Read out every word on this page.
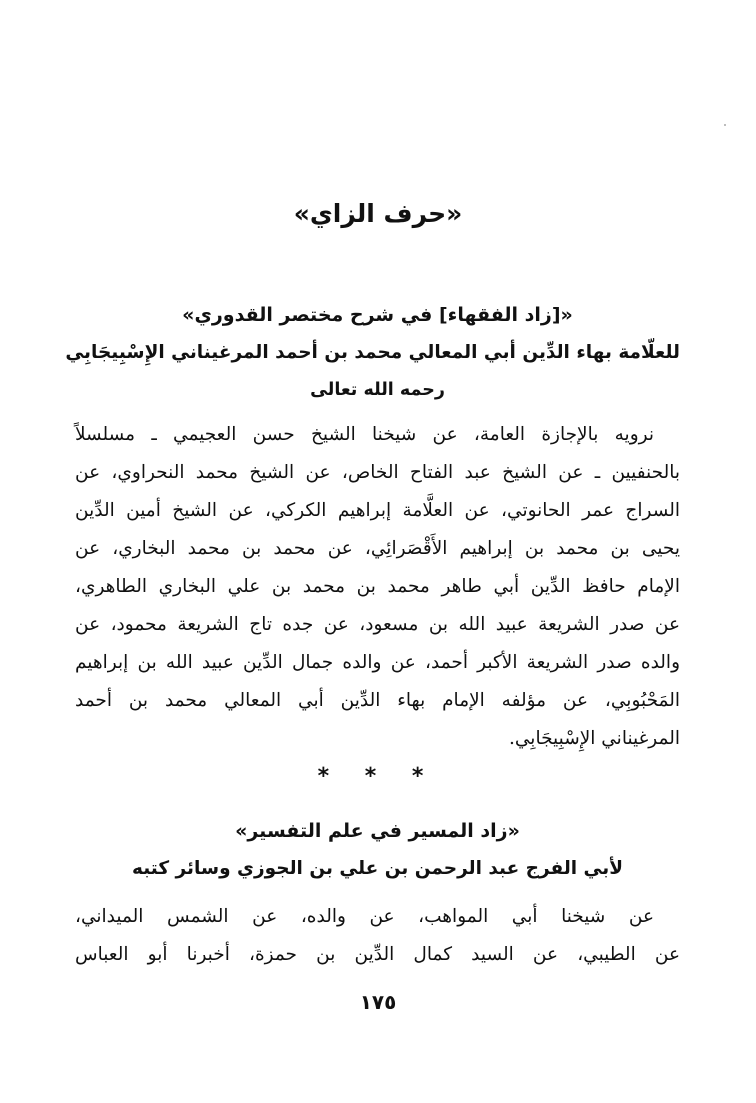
«حرف الزاي»
«[زاد الفقهاء] في شرح مختصر القدوري»
للعلّامة بهاء الدِّين أبي المعالي محمد بن أحمد المرغيناني الإِسْبِيجَابِي
رحمه الله تعالى
نرويه بالإجازة العامة، عن شيخنا الشيخ حسن العجيمي ـ مسلسلاً
بالحنفيين ـ عن الشيخ عبد الفتاح الخاص، عن الشيخ محمد النحراوي، عن
السراج عمر الحانوتي، عن العلَّامة إبراهيم الكركي، عن الشيخ أمين الدِّين
يحيى بن محمد بن إبراهيم الأَقْصَرائِي، عن محمد بن محمد البخاري، عن
الإمام حافظ الدِّين أبي طاهر محمد بن محمد بن علي البخاري الطاهري،
عن صدر الشريعة عبيد الله بن مسعود، عن جده تاج الشريعة محمود، عن
والده صدر الشريعة الأكبر أحمد، عن والده جمال الدِّين عبيد الله بن إبراهيم
المَحْبُوبِي، عن مؤلفه الإمام بهاء الدِّين أبي المعالي محمد بن أحمد
المرغيناني الإِسْبِيجَابِي.
* * *
«زاد المسير في علم التفسير»
لأبي الفرج عبد الرحمن بن علي بن الجوزي وسائر كتبه
عن شيخنا أبي المواهب، عن والده، عن الشمس الميداني،
عن الطيبي، عن السيد كمال الدِّين بن حمزة، أخبرنا أبو العباس
١٧٥
